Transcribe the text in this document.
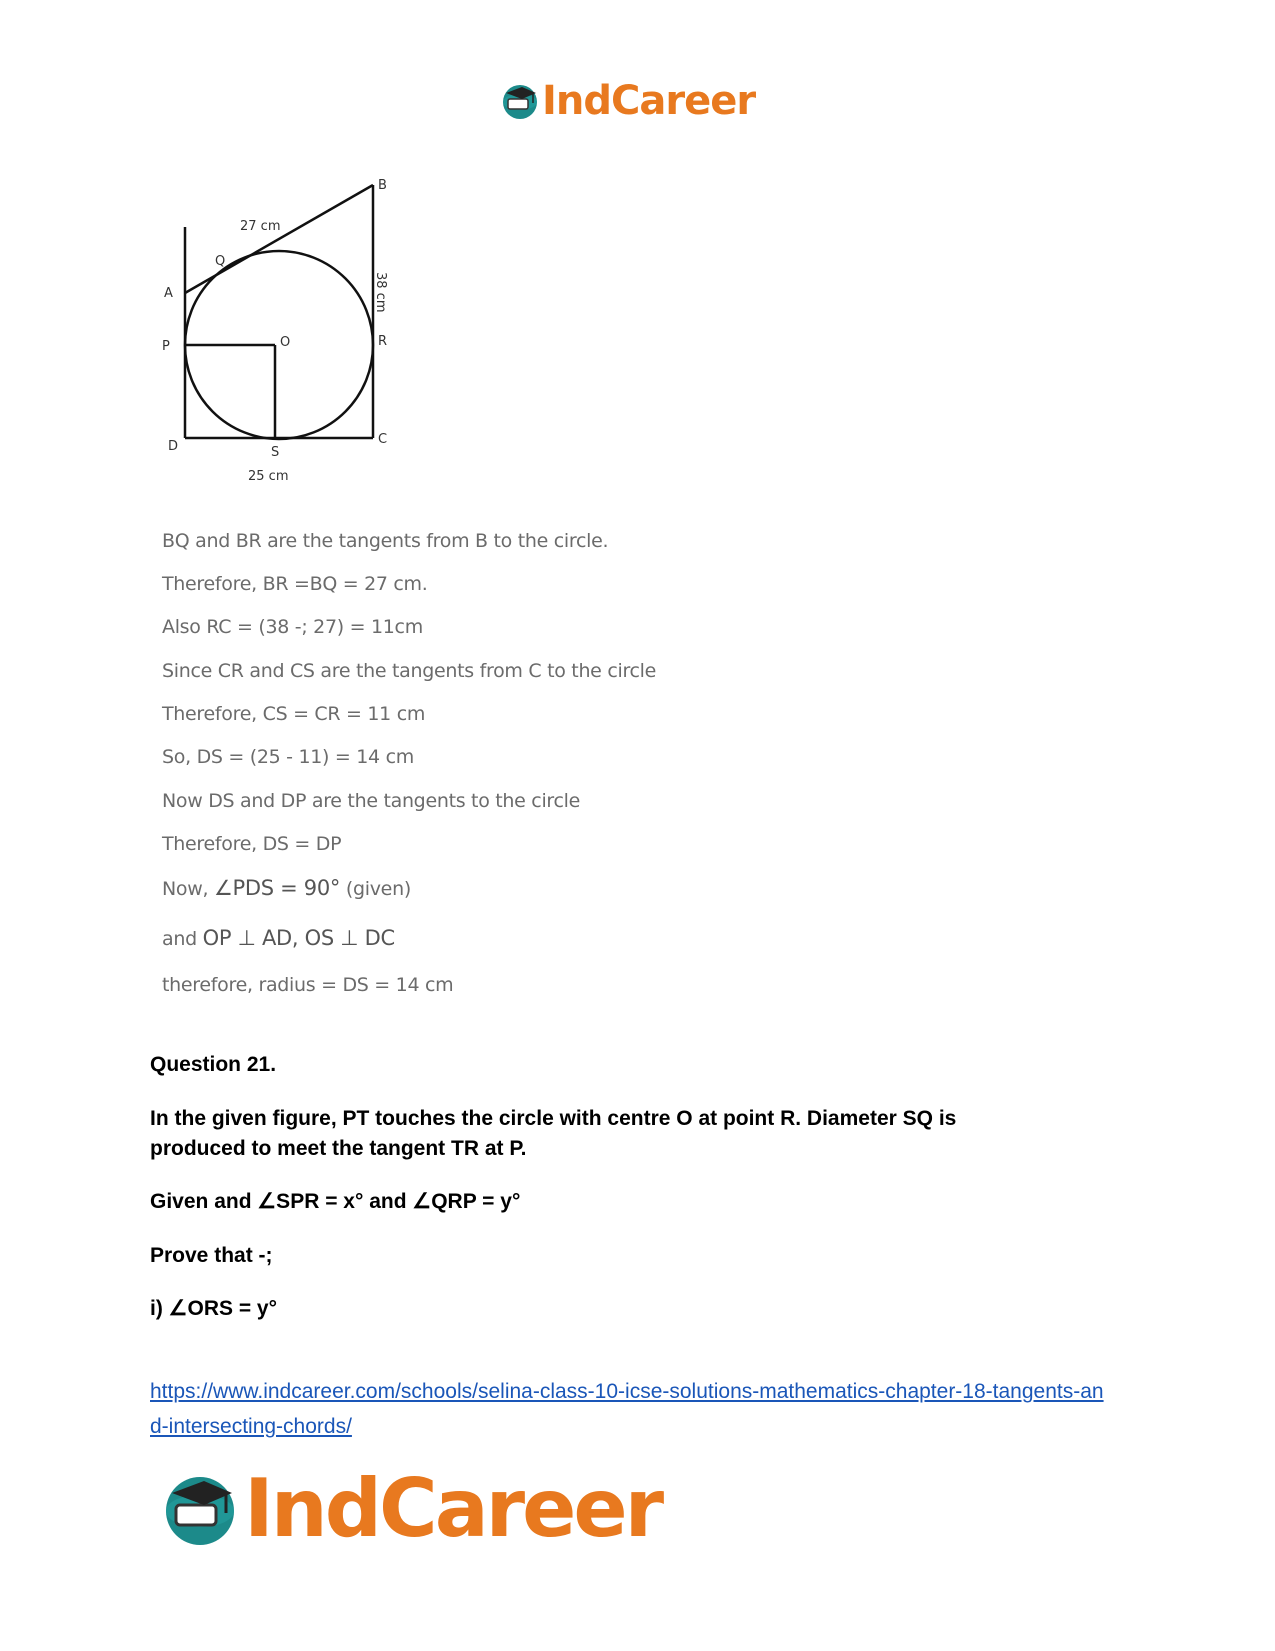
IndCareer
B
A
Q
P	O	R
D	C
S
27 cm
25 cm
38 cm
BQ and BR are the tangents from B to the circle.
Therefore, BR =BQ = 27 cm.
Also RC = (38 -; 27) = 11cm
Since CR and CS are the tangents from C to the circle
Therefore, CS = CR = 11 cm
So, DS = (25 - 11) = 14 cm
Now DS and DP are the tangents to the circle
Therefore, DS = DP
Now, ∠PDS = 90° (given)
and OP ⊥ AD, OS ⊥ DC
therefore, radius = DS = 14 cm
Question 21.
In the given figure, PT touches the circle with centre O at point R. Diameter SQ is produced to meet the tangent TR at P.
Given and ∠SPR = x° and ∠QRP = y°
Prove that -;
i) ∠ORS = y°
https://www.indcareer.com/schools/selina-class-10-icse-solutions-mathematics-chapter-18-tangents-and-intersecting-chords/
IndCareer
